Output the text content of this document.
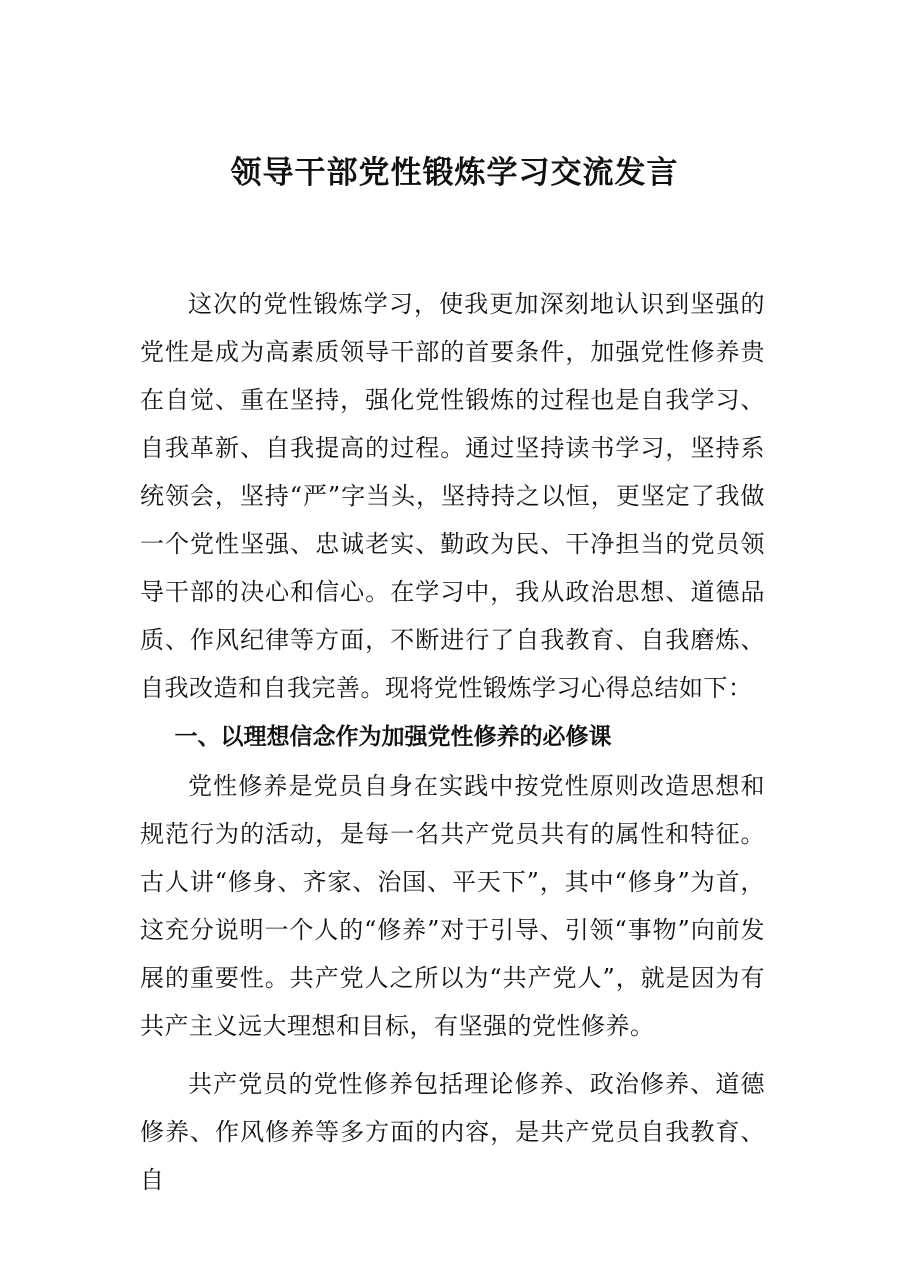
领导干部党性锻炼学习交流发言

这次的党性锻炼学习，使我更加深刻地认识到坚强的党性是成为高素质领导干部的首要条件，加强党性修养贵在自觉、重在坚持，强化党性锻炼的过程也是自我学习、自我革新、自我提高的过程。通过坚持读书学习，坚持系统领会，坚持“严”字当头，坚持持之以恒，更坚定了我做一个党性坚强、忠诚老实、勤政为民、干净担当的党员领导干部的决心和信心。在学习中，我从政治思想、道德品质、作风纪律等方面，不断进行了自我教育、自我磨炼、自我改造和自我完善。现将党性锻炼学习心得总结如下：

一、以理想信念作为加强党性修养的必修课

党性修养是党员自身在实践中按党性原则改造思想和规范行为的活动，是每一名共产党员共有的属性和特征。古人讲“修身、齐家、治国、平天下”，其中“修身”为首，这充分说明一个人的“修养”对于引导、引领“事物”向前发展的重要性。共产党人之所以为“共产党人”，就是因为有共产主义远大理想和目标，有坚强的党性修养。

共产党员的党性修养包括理论修养、政治修养、道德修养、作风修养等多方面的内容，是共产党员自我教育、自
